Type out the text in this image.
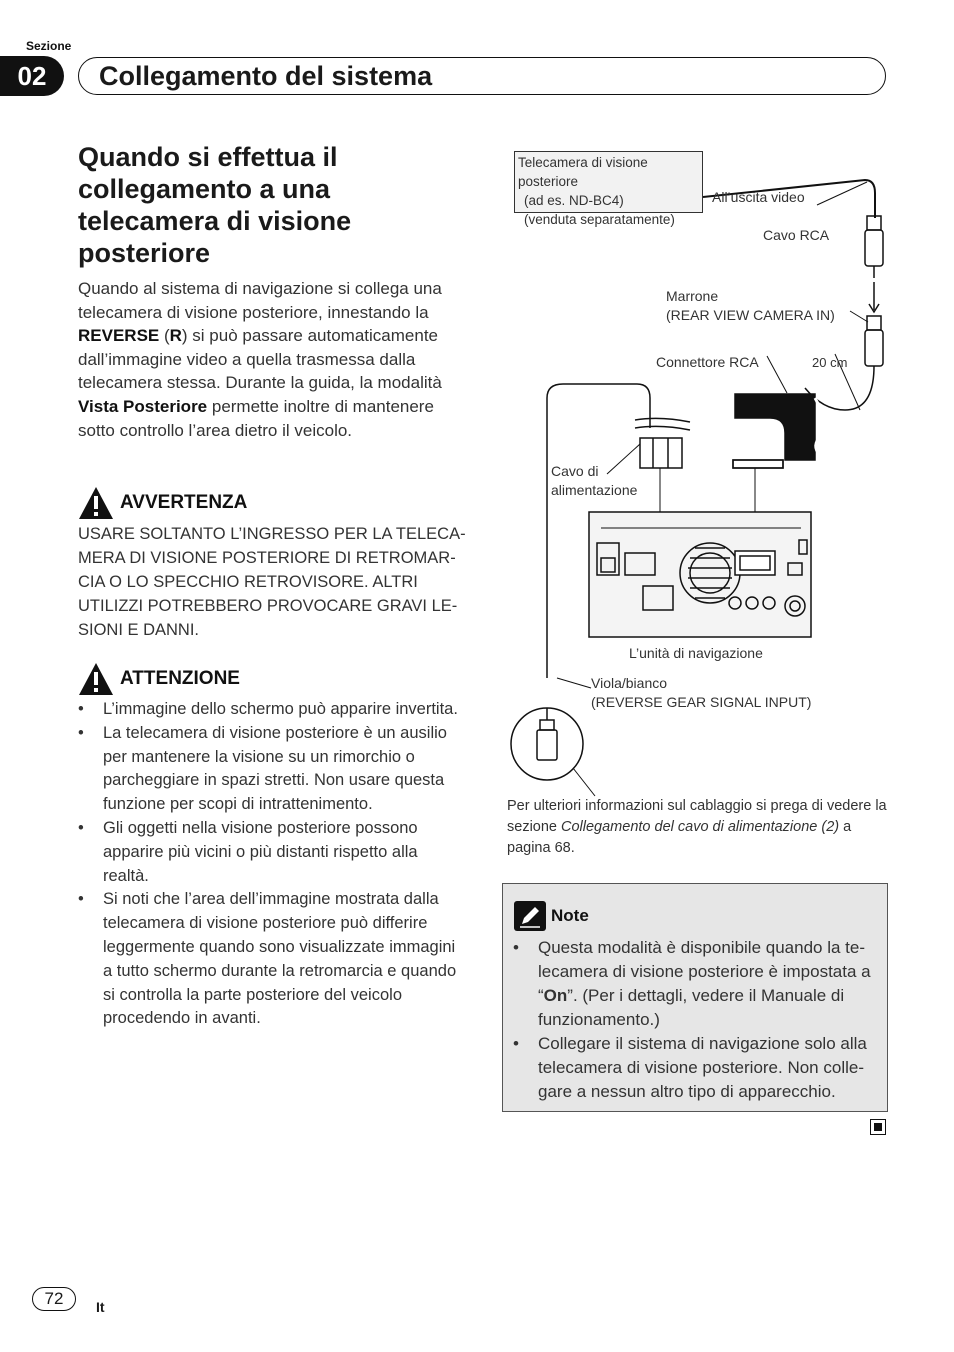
Sezione
02	Collegamento del sistema
Quando si effettua il collegamento a una telecamera di visione posteriore
Quando al sistema di navigazione si collega una telecamera di visione posteriore, innestando la REVERSE (R) si può passare automaticamente dall’immagine video a quella trasmessa dalla telecamera stessa. Durante la guida, la modalità Vista Posteriore permette inoltre di mantenere sotto controllo l’area dietro il veicolo.
AVVERTENZA
USARE SOLTANTO L’INGRESSO PER LA TELECAMERA DI VISIONE POSTERIORE DI RETROMARCIA O LO SPECCHIO RETROVISORE. ALTRI UTILIZZI POTREBBERO PROVOCARE GRAVI LESIONI E DANNI.
ATTENZIONE
• L’immagine dello schermo può apparire invertita.
• La telecamera di visione posteriore è un ausilio per mantenere la visione su un rimorchio o parcheggiare in spazi stretti. Non usare questa funzione per scopi di intrattenimento.
• Gli oggetti nella visione posteriore possono apparire più vicini o più distanti rispetto alla realtà.
• Si noti che l’area dell’immagine mostrata dalla telecamera di visione posteriore può differire leggermente quando sono visualizzate immagini a tutto schermo durante la retromarcia e quando si controlla la parte posteriore del veicolo procedendo in avanti.
Telecamera di visione posteriore
(ad es. ND-BC4)
(venduta separatamente)
All’uscita video
Cavo RCA
Marrone
(REAR VIEW CAMERA IN)
Connettore RCA	20 cm
Cavo di
alimentazione
L’unità di navigazione
Viola/bianco
(REVERSE GEAR SIGNAL INPUT)
Per ulteriori informazioni sul cablaggio si prega di vedere la sezione Collegamento del cavo di alimentazione (2) a pagina 68.
Note
• Questa modalità è disponibile quando la telecamera di visione posteriore è impostata a “On”. (Per i dettagli, vedere il Manuale di funzionamento.)
• Collegare il sistema di navigazione solo alla telecamera di visione posteriore. Non collegare a nessun altro tipo di apparecchio.
72	It
